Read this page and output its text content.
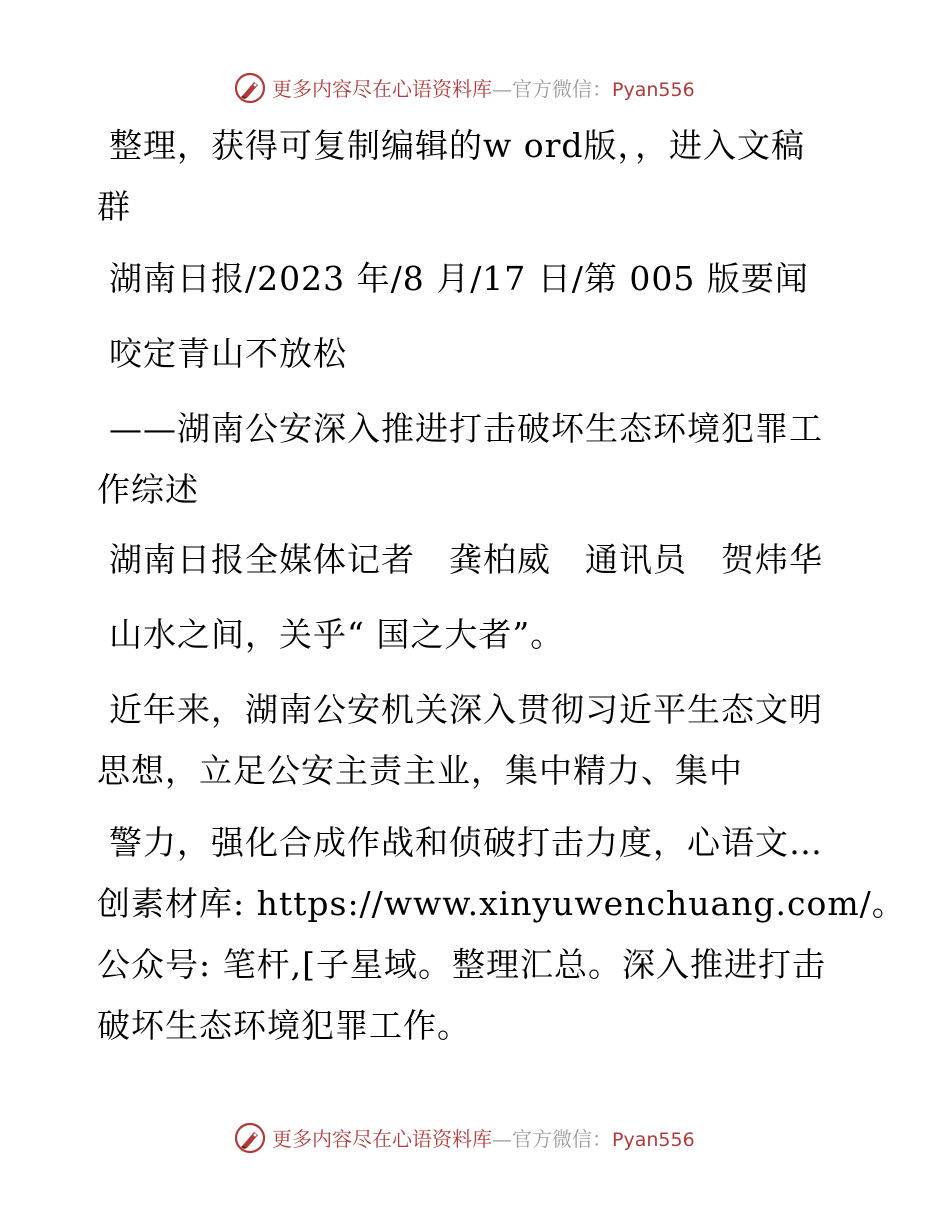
更多内容尽在心语资料库—官方微信：Pyan556
整理，获得可复制编辑的w ord版，，进入文稿
群
湖南日报/2023 年/8 月/17 日/第 005 版要闻
咬定青山不放松
——湖南公安深入推进打击破坏生态环境犯罪工
作综述
湖南日报全媒体记者　龚柏威　通讯员　贺炜华
山水之间，关乎“ 国之大者”。
近年来，湖南公安机关深入贯彻习近平生态文明
思想，立足公安主责主业，集中精力、集中
警力，强化合成作战和侦破打击力度，心语文…
创素材库: https://www.xinyuwenchuang.com/。
公众号: 笔杆,[子星域。整理汇总。深入推进打击
破坏生态环境犯罪工作。
更多内容尽在心语资料库—官方微信：Pyan556
